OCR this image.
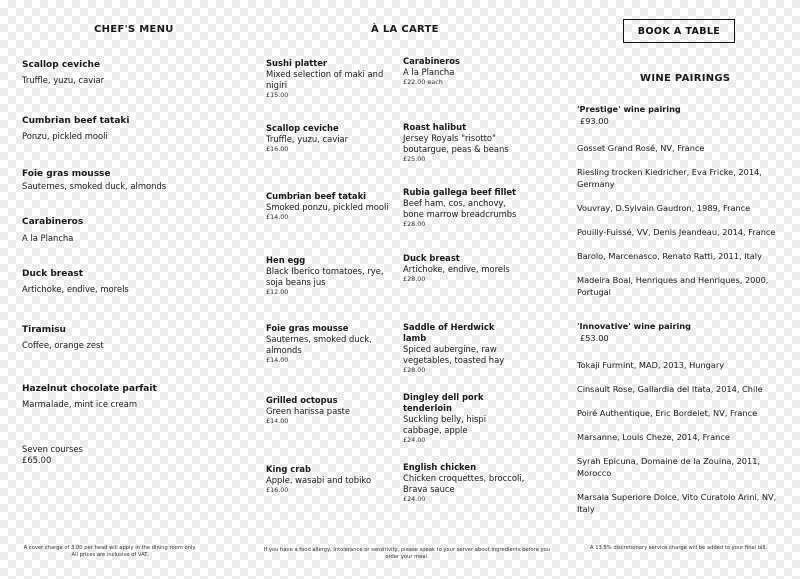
CHEF'S MENU	À LA CARTE	BOOK A TABLE
WINE PAIRINGS
Scallop ceviche
Truffle, yuzu, caviar
Cumbrian beef tataki
Ponzu, pickled mooli
Foie gras mousse
Sauternes, smoked duck, almonds
Carabineros
A la Plancha
Duck breast
Artichoke, endive, morels
Tiramisu
Coffee, orange zest
Hazelnut chocolate parfait
Marmalade, mint ice cream
Seven courses
£65.00
Sushi platter
Mixed selection of maki and nigiri
£15.00
Scallop ceviche
Truffle, yuzu, caviar
£16.00
Cumbrian beef tataki
Smoked ponzu, pickled mooli
£14.00
Hen egg
Black Iberico tomatoes, rye, soja beans jus
£12.00
Foie gras mousse
Sauternes, smoked duck, almonds
£14.00
Grilled octopus
Green harissa paste
£14.00
King crab
Apple, wasabi and tobiko
£16.00
Carabineros
A la Plancha
£22.00 each
Roast halibut
Jersey Royals "risotto" boutargue, peas & beans
£25.00
Rubia gallega beef fillet
Beef ham, cos, anchovy, bone marrow breadcrumbs
£28.00
Duck breast
Artichoke, endive, morels
£28.00
Saddle of Herdwick lamb
Spiced aubergine, raw vegetables, toasted hay
£28.00
Dingley dell pork tenderloin
Suckling belly, hispi cabbage, apple
£24.00
English chicken
Chicken croquettes, broccoli, Brava sauce
£24.00
'Prestige' wine pairing
£93.00
Gosset Grand Rosé, NV, France
Riesling trocken Kiedricher, Eva Fricke, 2014, Germany
Vouvray, D.Sylvain Gaudron, 1989, France
Pouilly-Fuissé, VV, Denis Jeandeau, 2014, France
Barolo, Marcenasco, Renato Ratti, 2011, Italy
Madeira Boal, Henriques and Henriques, 2000, Portugal
'Innovative' wine pairing
£53.00
Tokaji Furmint, MAD, 2013, Hungary
Cinsault Rose, Gallardia del Itata, 2014, Chile
Poiré Authentique, Eric Bordelet, NV, France
Marsanne, Louis Cheze, 2014, France
Syrah Epicuna, Domaine de la Zouina, 2011, Morocco
Marsala Superiore Dolce, Vito Curatolo Arini, NV, Italy
A cover charge of 3.00 per head will apply in the dining room only.
All prices are inclusive of VAT.
If you have a food allergy, intolerance or sensitivity, please speak to your server about ingredients before you order your meal.
A 13.5% discretionary service charge will be added to your final bill.
